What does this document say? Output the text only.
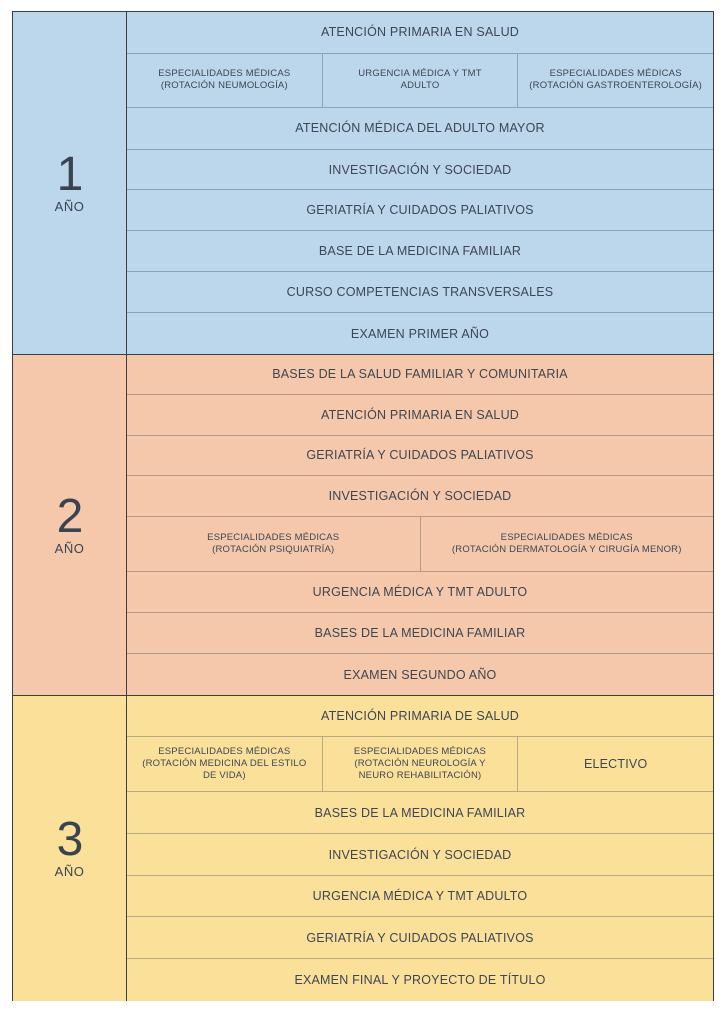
1
AÑO
ATENCIÓN PRIMARIA EN SALUD
ESPECIALIDADES MÉDICAS
(ROTACIÓN NEUMOLOGÍA)
URGENCIA MÉDICA Y TMT
ADULTO
ESPECIALIDADES MÉDICAS
(ROTACIÓN GASTROENTEROLOGÍA)
ATENCIÓN MÉDICA DEL ADULTO MAYOR
INVESTIGACIÓN Y SOCIEDAD
GERIATRÍA Y CUIDADOS PALIATIVOS
BASE DE LA MEDICINA FAMILIAR
CURSO COMPETENCIAS TRANSVERSALES
EXAMEN PRIMER AÑO
2
AÑO
BASES DE LA SALUD FAMILIAR Y COMUNITARIA
ATENCIÓN PRIMARIA EN SALUD
GERIATRÍA Y CUIDADOS PALIATIVOS
INVESTIGACIÓN Y SOCIEDAD
ESPECIALIDADES MÉDICAS
(ROTACIÓN PSIQUIATRÍA)
ESPECIALIDADES MÉDICAS
(ROTACIÓN DERMATOLOGÍA Y CIRUGÍA MENOR)
URGENCIA MÉDICA Y TMT ADULTO
BASES DE LA MEDICINA FAMILIAR
EXAMEN SEGUNDO AÑO
3
AÑO
ATENCIÓN PRIMARIA DE SALUD
ESPECIALIDADES MÉDICAS
(ROTACIÓN MEDICINA DEL ESTILO
DE VIDA)
ESPECIALIDADES MÉDICAS
(ROTACIÓN NEUROLOGÍA Y
NEURO REHABILITACIÓN)
ELECTIVO
BASES DE LA MEDICINA FAMILIAR
INVESTIGACIÓN Y SOCIEDAD
URGENCIA MÉDICA Y TMT ADULTO
GERIATRÍA Y CUIDADOS PALIATIVOS
EXAMEN FINAL Y PROYECTO DE TÍTULO
